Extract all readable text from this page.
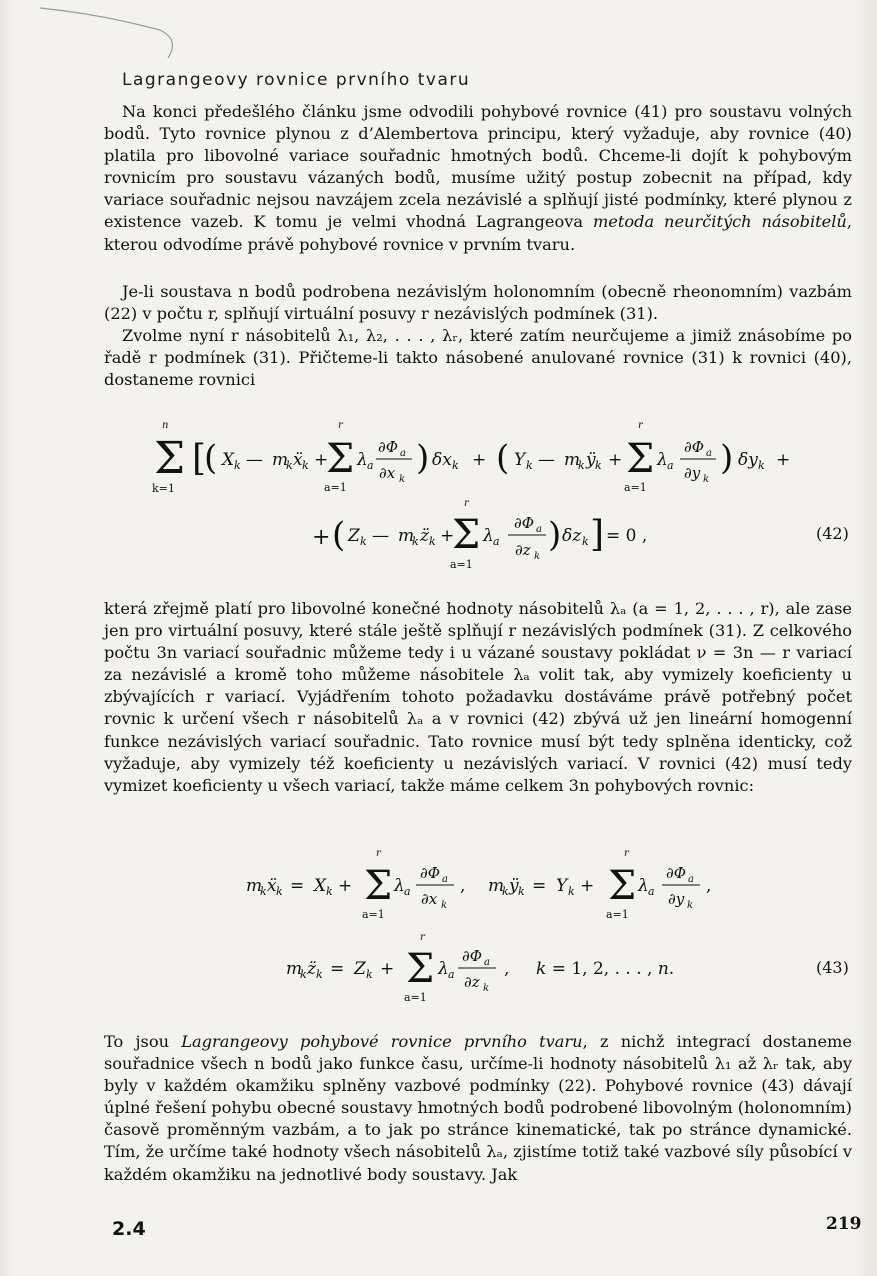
Lagrangeovy rovnice prvního tvaru

Na konci předešlého článku jsme odvodili pohybové rovnice (41) pro soustavu volných bodů. Tyto rovnice plynou z d’Alembertova principu, který vyžaduje, aby rovnice (40) platila pro libovolné variace souřadnic hmotných bodů. Chceme-li dojít k pohybovým rovnicím pro soustavu vázaných bodů, musíme užitý postup zobecnit na případ, kdy variace souřadnic nejsou navzájem zcela nezávislé a splňují jisté podmínky, které plynou z existence vazeb. K tomu je velmi vhodná Lagrangeova metoda neurčitých násobitelů, kterou odvodíme právě pohybové rovnice v prvním tvaru.

Je-li soustava n bodů podrobena nezávislým holonomním (obecně rheonomním) vazbám (22) v počtu r, splňují virtuální posuvy r nezávislých podmínek (31).

Zvolme nyní r násobitelů λ₁, λ₂, . . . , λᵣ, které zatím neurčujeme a jimiž znásobíme po řadě r podmínek (31). Přičteme-li takto násobené anulované rovnice (31) k rovnici (40), dostaneme rovnici

n
Σ
k=1
[
( X k — m
k ẍ k +
r
Σ
a=1
λ a
∂Φ a
∂x k
) δx k + ( Y k — m
k ÿ k +
r
Σ
a=1
λ a
∂Φ a
∂y k
) δy k +
+ ( Z k — m
k z̈ k +
r
Σ
a=1
λ a
∂Φ a
∂z k
) δz k ] = 0 ,	(42)

která zřejmě platí pro libovolné konečné hodnoty násobitelů λₐ (a = 1, 2, . . . , r), ale zase jen pro virtuální posuvy, které stále ještě splňují r nezávislých podmínek (31). Z celkového počtu 3n variací souřadnic můžeme tedy i u vázané soustavy pokládat ν = 3n — r variací za nezávislé a kromě toho můžeme násobitele λₐ volit tak, aby vymizely koeficienty u zbývajících r variací. Vyjádřením tohoto požadavku dostáváme právě potřebný počet rovnic k určení všech r násobitelů λₐ a v rovnici (42) zbývá už jen lineární homogenní funkce nezávislých variací souřadnic. Tato rovnice musí být tedy splněna identicky, což vyžaduje, aby vymizely též koeficienty u nezávislých variací. V rovnici (42) musí tedy vymizet koeficienty u všech variací, takže máme celkem 3n pohybových rovnic:

m
k ẍ k = X k +
r
Σ
a=1
λ a
∂Φ a
∂x k
, m
k ÿ k = Y k +
r
Σ
a=1
λ a
∂Φ a
∂y k
,
m
k z̈ k = Z k +
r
Σ
a=1
λ a
∂Φ a
∂z k
, k = 1, 2, . . . , n.	(43)

To jsou Lagrangeovy pohybové rovnice prvního tvaru, z nichž integrací dostaneme souřadnice všech n bodů jako funkce času, určíme-li hodnoty násobitelů λ₁ až λᵣ tak, aby byly v každém okamžiku splněny vazbové podmínky (22). Pohybové rovnice (43) dávají úplné řešení pohybu obecné soustavy hmotných bodů podrobené libovolným (holonomním) časově proměnným vazbám, a to jak po stránce kinematické, tak po stránce dynamické. Tím, že určíme také hodnoty všech násobitelů λₐ, zjistíme totiž také vazbové síly působící v každém okamžiku na jednotlivé body soustavy. Jak

2.4	219
